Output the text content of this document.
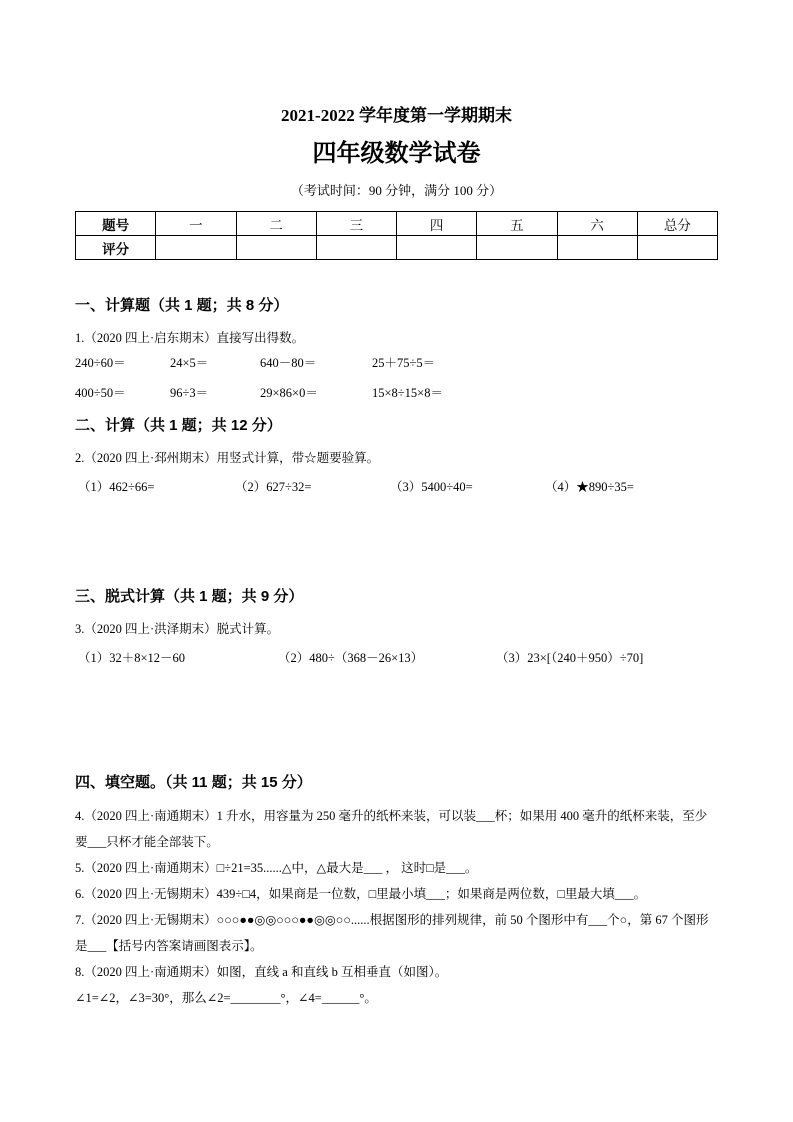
2021-2022 学年度第一学期期末
四年级数学试卷
（考试时间：90 分钟，满分 100 分）
题号	一	二	三	四	五	六	总分
评分							
一、计算题（共 1 题；共 8 分）
1.（2020 四上·启东期末）直接写出得数。
240÷60＝	24×5＝	640－80＝	25＋75÷5＝
400÷50＝	96÷3＝	29×86×0＝	15×8÷15×8＝
二、计算（共 1 题；共 12 分）
2.（2020 四上·邳州期末）用竖式计算，带☆题要验算。
（1）462÷66=	（2）627÷32=	（3）5400÷40=	（4）★890÷35=
三、脱式计算（共 1 题；共 9 分）
3.（2020 四上·洪泽期末）脱式计算。
（1）32＋8×12－60	（2）480÷（368－26×13）	（3）23×[（240＋950）÷70]
四、填空题。（共 11 题；共 15 分）

4.（2020 四上·南通期末）1 升水，用容量为 250 毫升的纸杯来装，可以装___杯；如果用 400 毫升的纸杯来装，至少要___只杯才能全部装下。

5.（2020 四上·南通期末）□÷21=35......△中，△最大是___ ， 这时□是___。

6.（2020 四上·无锡期末）439÷□4，如果商是一位数，□里最小填___；如果商是两位数，□里最大填___。

7.（2020 四上·无锡期末）○○○●●◎◎○○○●●◎◎○○......根据图形的排列规律，前 50 个图形中有___个○，第 67 个图形是___【括号内答案请画图表示】。

8.（2020 四上·南通期末）如图，直线 a 和直线 b 互相垂直（如图）。

∠1=∠2，∠3=30°，那么∠2=________°，∠4=______°。
